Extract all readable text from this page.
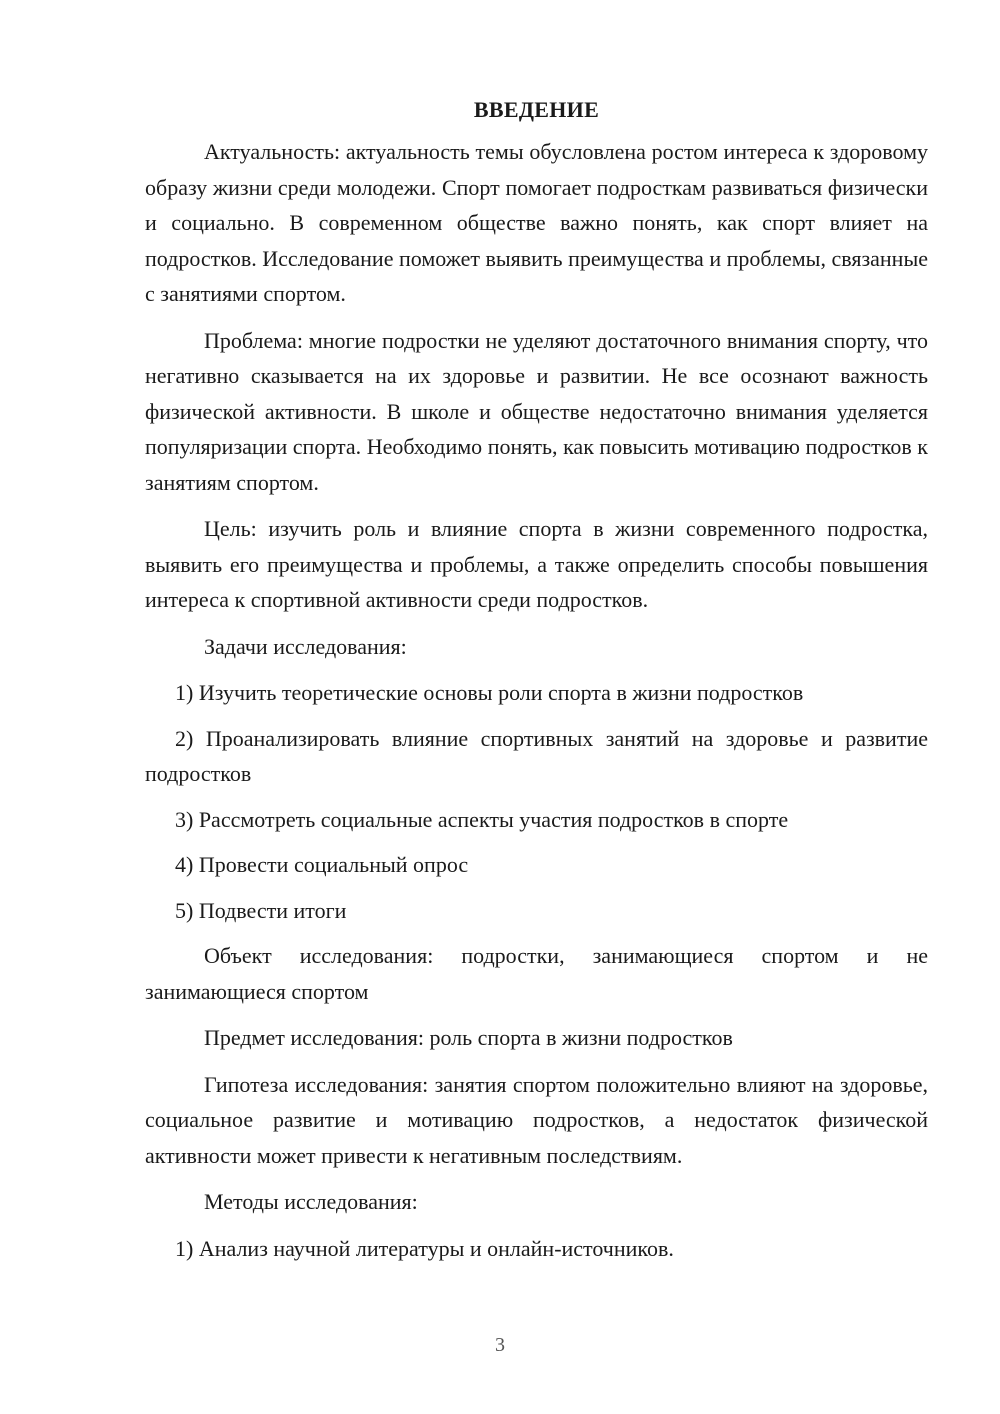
ВВЕДЕНИЕ

Актуальность: актуальность темы обусловлена ростом интереса к здоровому образу жизни среди молодежи. Спорт помогает подросткам развиваться физически и социально. В современном обществе важно понять, как спорт влияет на подростков. Исследование поможет выявить преимущества и проблемы, связанные с занятиями спортом.

Проблема: многие подростки не уделяют достаточного внимания спорту, что негативно сказывается на их здоровье и развитии. Не все осознают важность физической активности. В школе и обществе недостаточно внимания уделяется популяризации спорта. Необходимо понять, как повысить мотивацию подростков к занятиям спортом.

Цель: изучить роль и влияние спорта в жизни современного подростка, выявить его преимущества и проблемы, а также определить способы повышения интереса к спортивной активности среди подростков.

Задачи исследования:

1) Изучить теоретические основы роли спорта в жизни подростков

2) Проанализировать влияние спортивных занятий на здоровье и развитие подростков

3) Рассмотреть социальные аспекты участия подростков в спорте

4) Провести социальный опрос

5) Подвести итоги

Объект исследования: подростки, занимающиеся спортом и не занимающиеся спортом

Предмет исследования: роль спорта в жизни подростков

Гипотеза исследования: занятия спортом положительно влияют на здоровье, социальное развитие и мотивацию подростков, а недостаток физической активности может привести к негативным последствиям.

Методы исследования:

1) Анализ научной литературы и онлайн-источников.

3
